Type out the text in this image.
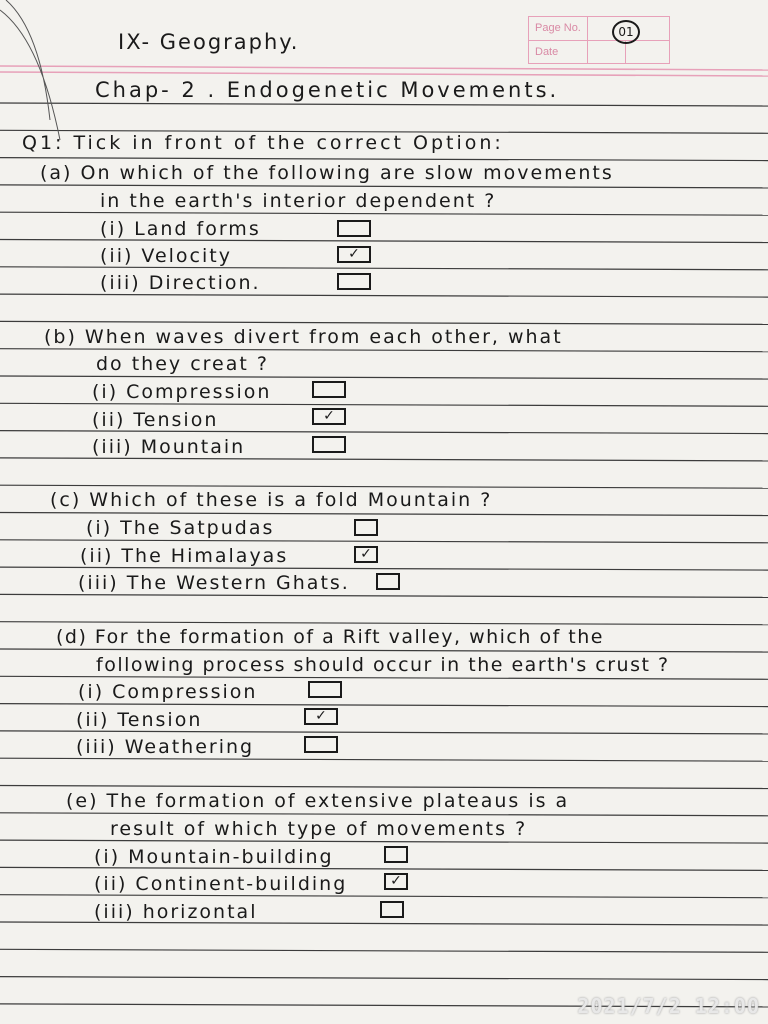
Page No.
Date
01
IX- Geography.
Chap- 2 . Endogenetic Movements.
Q1: Tick in front of the correct Option:
(a) On which of the following are slow movements
in the earth's interior dependent ?
(i) Land forms
(ii) Velocity	✓
(iii) Direction.
(b) When waves divert from each other, what
do they creat ?
(i) Compression
(ii) Tension	✓
(iii) Mountain
(c) Which of these is a fold Mountain ?
(i) The Satpudas
(ii) The Himalayas	✓
(iii) The Western Ghats.
(d) For the formation of a Rift valley, which of the
following process should occur in the earth's crust ?
(i) Compression
(ii) Tension	✓
(iii) Weathering
(e) The formation of extensive plateaus is a
result of which type of movements ?
(i) Mountain-building
(ii) Continent-building	✓
(iii) horizontal
2021/7/2 12:00
